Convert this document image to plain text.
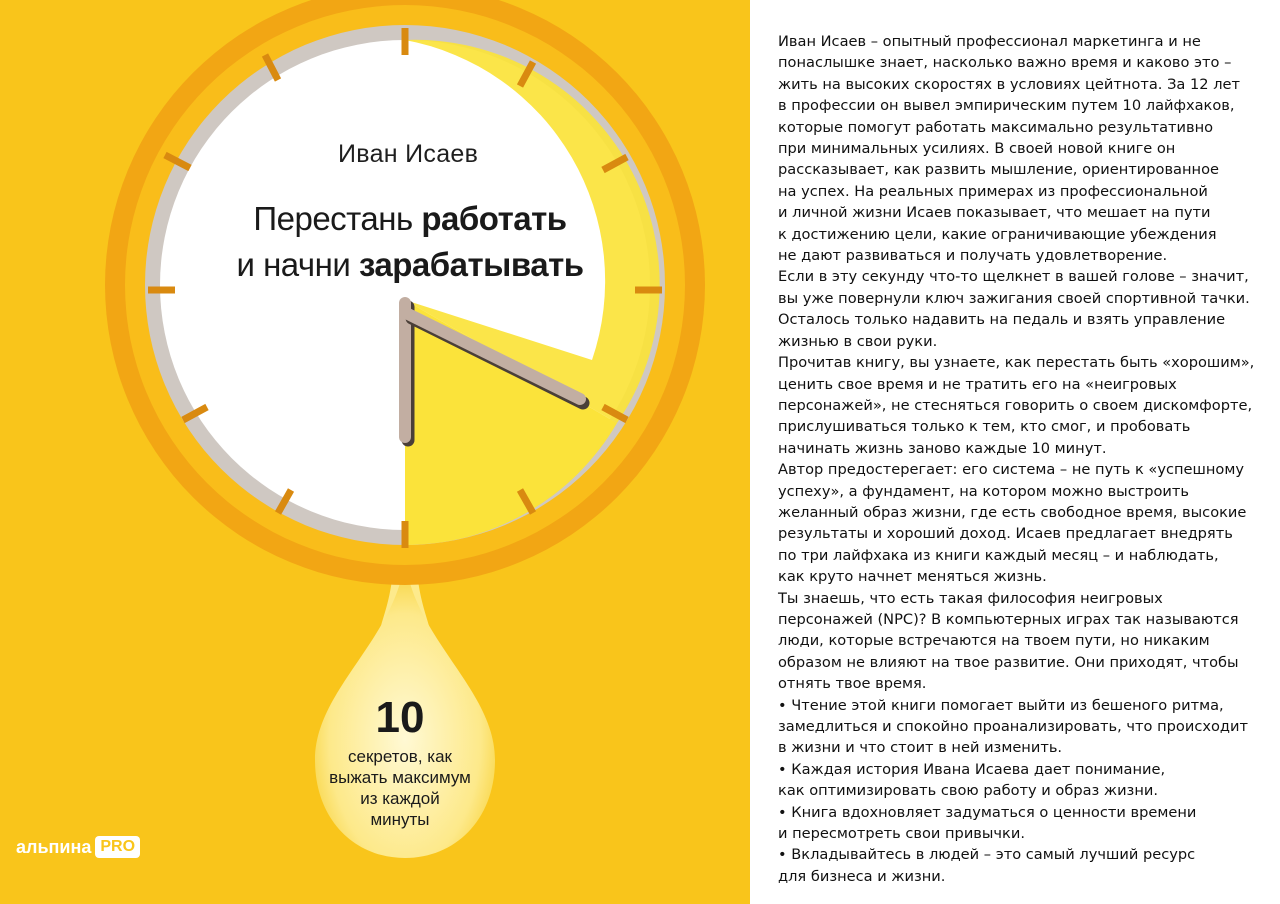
Иван Исаев
Перестань работать
и начни зарабатывать
10
секретов, как
выжать максимум
из каждой
минуты
альпина PRO

Иван Исаев – опытный профессионал маркетинга и не
понаслышке знает, насколько важно время и каково это –
жить на высоких скоростях в условиях цейтнота. За 12 лет
в профессии он вывел эмпирическим путем 10 лайфхаков,
которые помогут работать максимально результативно
при минимальных усилиях. В своей новой книге он
рассказывает, как развить мышление, ориентированное
на успех. На реальных примерах из профессиональной
и личной жизни Исаев показывает, что мешает на пути
к достижению цели, какие ограничивающие убеждения
не дают развиваться и получать удовлетворение.

Если в эту секунду что-то щелкнет в вашей голове – значит,
вы уже повернули ключ зажигания своей спортивной тачки.
Осталось только надавить на педаль и взять управление
жизнью в свои руки.

Прочитав книгу, вы узнаете, как перестать быть «хорошим»,
ценить свое время и не тратить его на «неигровых
персонажей», не стесняться говорить о своем дискомфорте,
прислушиваться только к тем, кто смог, и пробовать
начинать жизнь заново каждые 10 минут.

Автор предостерегает: его система – не путь к «успешному
успеху», а фундамент, на котором можно выстроить
желанный образ жизни, где есть свободное время, высокие
результаты и хороший доход. Исаев предлагает внедрять
по три лайфхака из книги каждый месяц – и наблюдать,
как круто начнет меняться жизнь.

Ты знаешь, что есть такая философия неигровых
персонажей (NPC)? В компьютерных играх так называются
люди, которые встречаются на твоем пути, но никаким
образом не влияют на твое развитие. Они приходят, чтобы
отнять твое время.

• Чтение этой книги помогает выйти из бешеного ритма,
замедлиться и спокойно проанализировать, что происходит
в жизни и что стоит в ней изменить.

• Каждая история Ивана Исаева дает понимание,
как оптимизировать свою работу и образ жизни.

• Книга вдохновляет задуматься о ценности времени
и пересмотреть свои привычки.

• Вкладывайтесь в людей – это самый лучший ресурс
для бизнеса и жизни.
